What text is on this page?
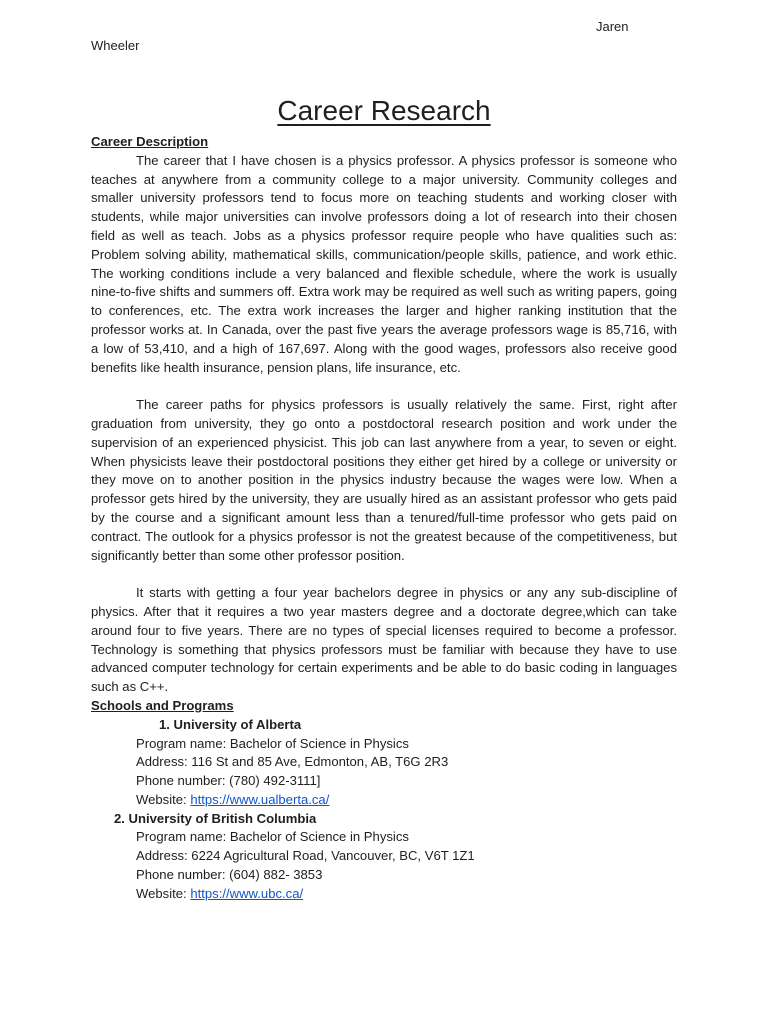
Jaren
Wheeler
Career Research

Career Description

The career that I have chosen is a physics professor. A physics professor is someone who teaches at anywhere from a community college to a major university. Community colleges and smaller university professors tend to focus more on teaching students and working closer with students, while major universities can involve professors doing a lot of research into their chosen field as well as teach. Jobs as a physics professor require people who have qualities such as: Problem solving ability, mathematical skills, communication/people skills, patience, and work ethic. The working conditions include a very balanced and flexible schedule, where the work is usually nine-to-five shifts and summers off. Extra work may be required as well such as writing papers, going to conferences, etc. The extra work increases the larger and higher ranking institution that the professor works at. In Canada, over the past five years the average professors wage is 85,716, with a low of 53,410, and a high of 167,697. Along with the good wages, professors also receive good benefits like health insurance, pension plans, life insurance, etc.

The career paths for physics professors is usually relatively the same. First, right after graduation from university, they go onto a postdoctoral research position and work under the supervision of an experienced physicist. This job can last anywhere from a year, to seven or eight. When physicists leave their postdoctoral positions they either get hired by a college or university or they move on to another position in the physics industry because the wages were low. When a professor gets hired by the university, they are usually hired as an assistant professor who gets paid by the course and a significant amount less than a tenured/full-time professor who gets paid on contract. The outlook for a physics professor is not the greatest because of the competitiveness, but significantly better than some other professor position.

It starts with getting a four year bachelors degree in physics or any any sub-discipline of physics. After that it requires a two year masters degree and a doctorate degree,which can take around four to five years. There are no types of special licenses required to become a professor. Technology is something that physics professors must be familiar with because they have to use advanced computer technology for certain experiments and be able to do basic coding in languages such as C++.

Schools and Programs

1. University of Alberta

Program name: Bachelor of Science in Physics

Address: 116 St and 85 Ave, Edmonton, AB, T6G 2R3

Phone number: (780) 492-3111]

Website: https://www.ualberta.ca/

2. University of British Columbia

Program name: Bachelor of Science in Physics

Address: 6224 Agricultural Road, Vancouver, BC, V6T 1Z1

Phone number: (604) 882- 3853

Website: https://www.ubc.ca/
